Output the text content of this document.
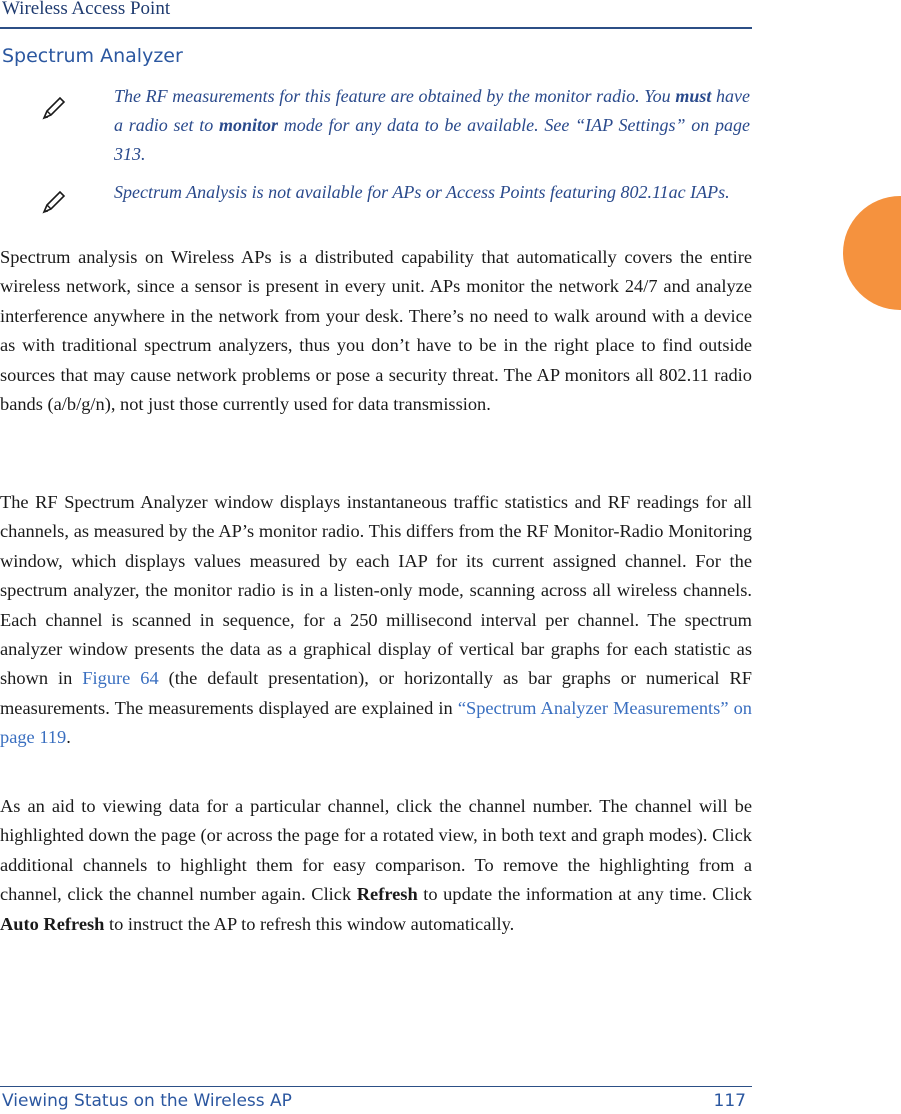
Wireless Access Point
Spectrum Analyzer
The RF measurements for this feature are obtained by the monitor radio. You must have a radio set to monitor mode for any data to be available. See “IAP Settings” on page 313.
Spectrum Analysis is not available for APs or Access Points featuring 802.11ac IAPs.
Spectrum analysis on Wireless APs is a distributed capability that automatically covers the entire wireless network, since a sensor is present in every unit. APs monitor the network 24/7 and analyze interference anywhere in the network from your desk. There’s no need to walk around with a device as with traditional spectrum analyzers, thus you don’t have to be in the right place to find outside sources that may cause network problems or pose a security threat. The AP monitors all 802.11 radio bands (a/b/g/n), not just those currently used for data transmission.
The RF Spectrum Analyzer window displays instantaneous traffic statistics and RF readings for all channels, as measured by the AP’s monitor radio. This differs from the RF Monitor-Radio Monitoring window, which displays values measured by each IAP for its current assigned channel. For the spectrum analyzer, the monitor radio is in a listen-only mode, scanning across all wireless channels. Each channel is scanned in sequence, for a 250 millisecond interval per channel. The spectrum analyzer window presents the data as a graphical display of vertical bar graphs for each statistic as shown in Figure 64 (the default presentation), or horizontally as bar graphs or numerical RF measurements. The measurements displayed are explained in “Spectrum Analyzer Measurements” on page 119.
As an aid to viewing data for a particular channel, click the channel number. The channel will be highlighted down the page (or across the page for a rotated view, in both text and graph modes). Click additional channels to highlight them for easy comparison. To remove the highlighting from a channel, click the channel number again. Click Refresh to update the information at any time. Click Auto Refresh to instruct the AP to refresh this window automatically.
Viewing Status on the Wireless AP	117
